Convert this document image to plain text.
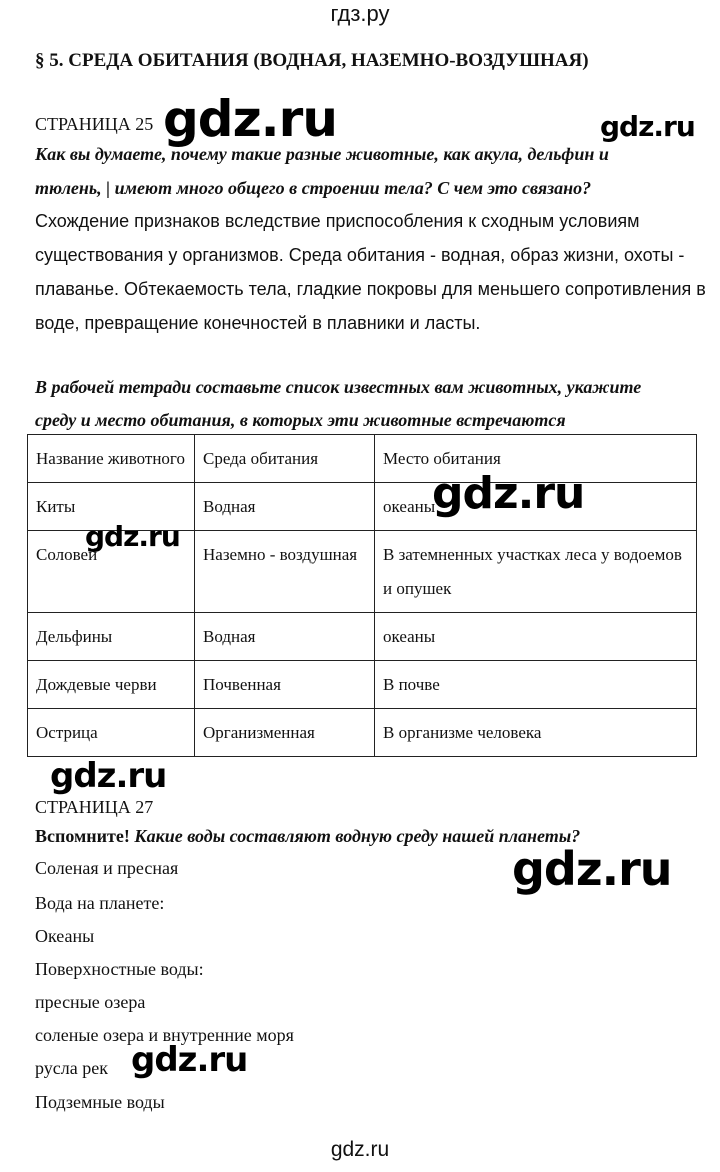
гдз.ру
§ 5. СРЕДА ОБИТАНИЯ (ВОДНАЯ, НАЗЕМНО-ВОЗДУШНАЯ)
СТРАНИЦА 25 gdz.ru	gdz.ru
Как вы думаете, почему такие разные животные, как акула, дельфин и
тюлень, | имеют много общего в строении тела? С чем это связано?
Схождение признаков вследствие приспособления к сходным условиям
существования у организмов. Среда обитания - водная, образ жизни, охоты -
плаванье. Обтекаемость тела, гладкие покровы для меньшего сопротивления в
воде, превращение конечностей в плавники и ласты.
В рабочей тетради составьте список известных вам животных, укажите
среду и место обитания, в которых эти животные встречаются
Название животного	Среда обитания	Место обитания
Киты	Водная	океаны
Соловей	Наземно - воздушная	В затемненных участках леса у водоемов и опушек
Дельфины	Водная	океаны
Дождевые черви	Почвенная	В почве
Острица	Организменная	В организме человека
gdz.ru
gdz.ru
gdz.ru
СТРАНИЦА 27
Вспомните! Какие воды составляют водную среду нашей планеты?
gdz.ru
Соленая и пресная
Вода на планете:
Океаны
Поверхностные воды:
пресные озера
соленые озера и внутренние моря
русла рек
Подземные воды
gdz.ru
gdz.ru
